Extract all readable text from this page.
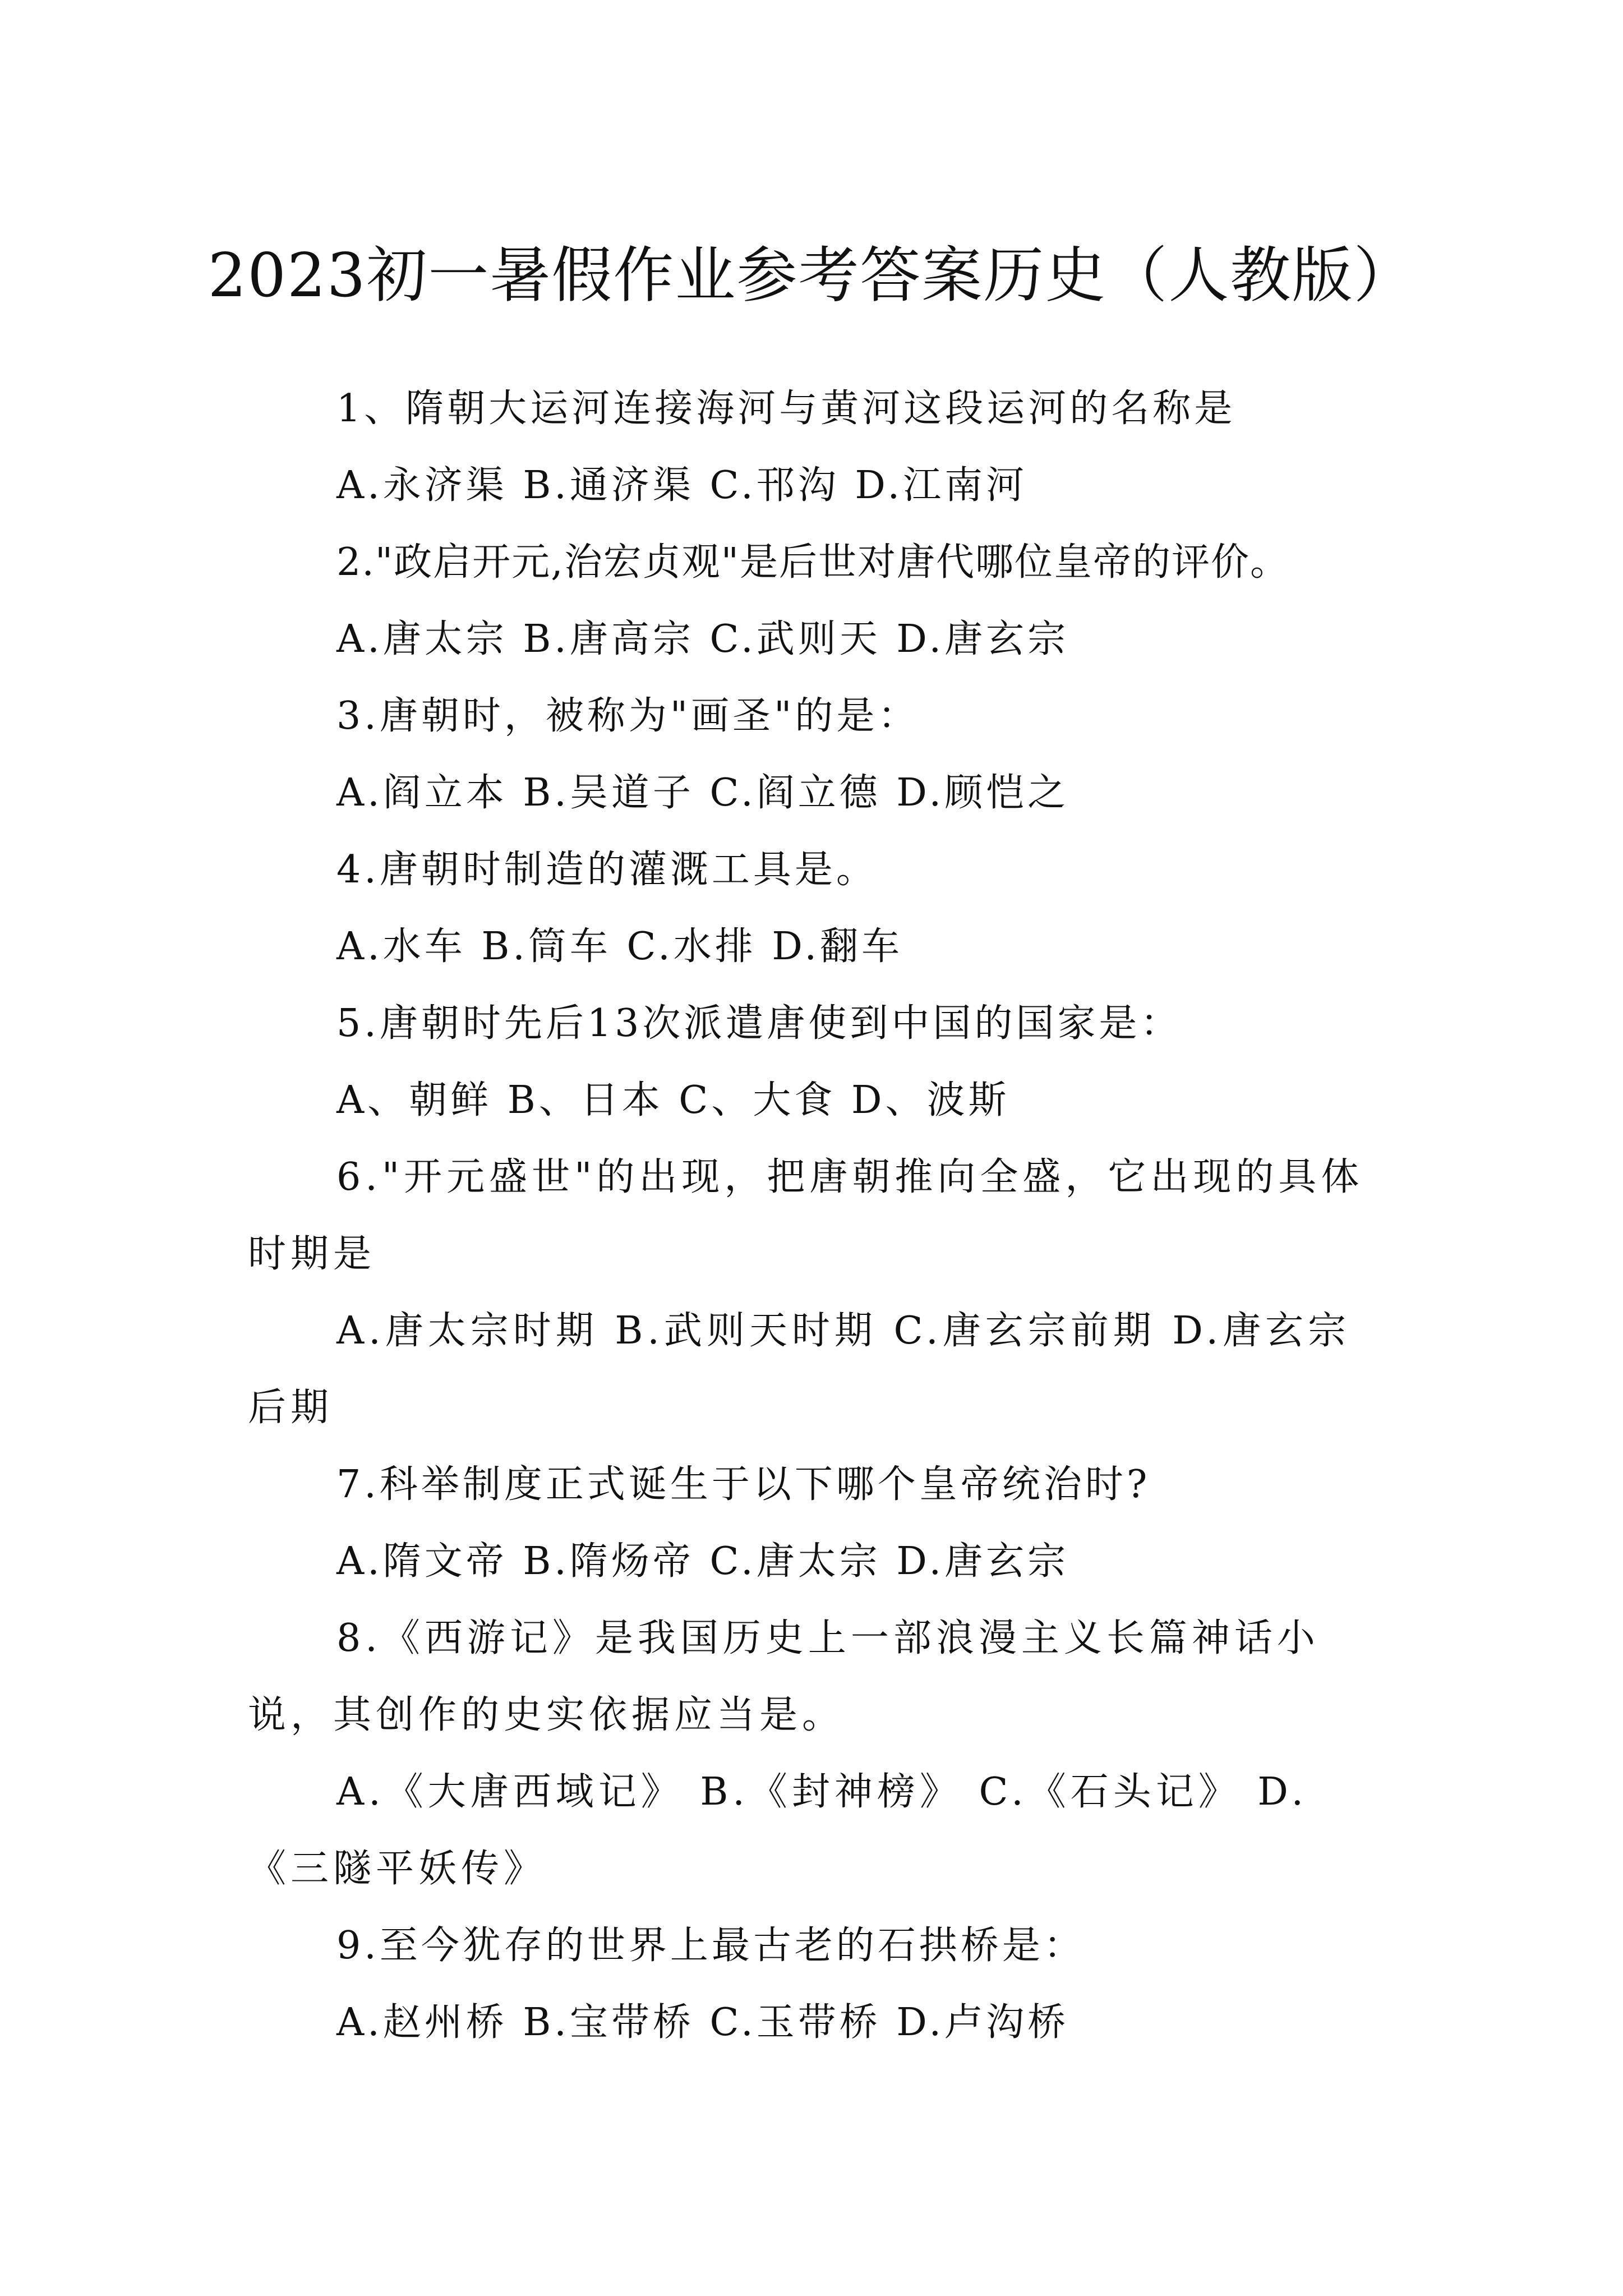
2023初一暑假作业参考答案历史（人教版）

1、隋朝大运河连接海河与黄河这段运河的名称是

A.永济渠 B.通济渠 C.邗沟 D.江南河

2."政启开元,治宏贞观"是后世对唐代哪位皇帝的评价。

A.唐太宗 B.唐高宗 C.武则天 D.唐玄宗

3.唐朝时，被称为"画圣"的是：

A.阎立本 B.吴道子 C.阎立德 D.顾恺之

4.唐朝时制造的灌溉工具是。

A.水车 B.筒车 C.水排 D.翻车

5.唐朝时先后13次派遣唐使到中国的国家是：

A、朝鲜 B、日本 C、大食 D、波斯

6."开元盛世"的出现，把唐朝推向全盛，它出现的具体时期是

A.唐太宗时期 B.武则天时期 C.唐玄宗前期 D.唐玄宗后期

7.科举制度正式诞生于以下哪个皇帝统治时?

A.隋文帝 B.隋炀帝 C.唐太宗 D.唐玄宗

8.《西游记》是我国历史上一部浪漫主义长篇神话小说，其创作的史实依据应当是。

A.《大唐西域记》 B.《封神榜》 C.《石头记》 D.《三隧平妖传》

9.至今犹存的世界上最古老的石拱桥是：

A.赵州桥 B.宝带桥 C.玉带桥 D.卢沟桥
